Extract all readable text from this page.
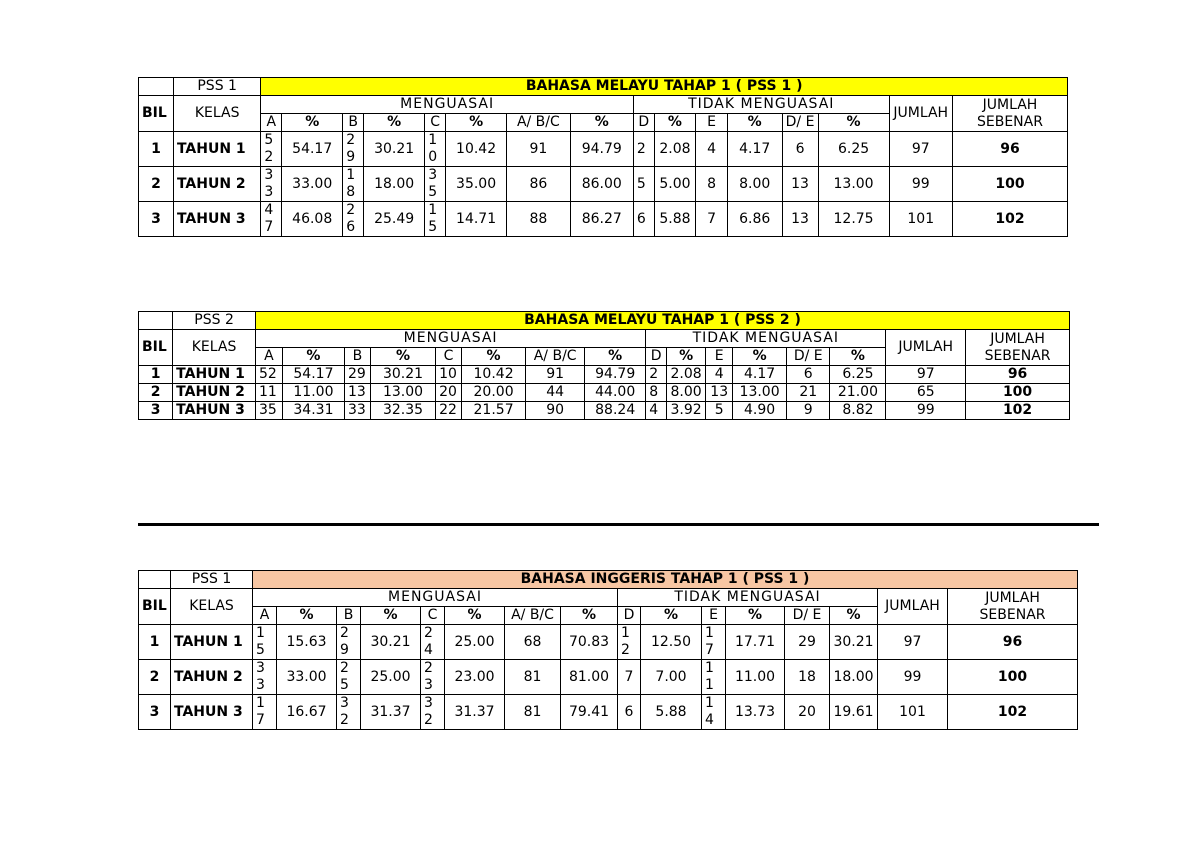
	PSS 1	BAHASA MELAYU TAHAP 1 ( PSS 1 )															
BIL	KELAS	MENGUASAI								TIDAK MENGUASAI						JUMLAH	JUMLAH SEBENAR
		A	%	B	%	C	%	A/ B/C	%	D	%	E	%	D/ E	%		
1	TAHUN 1	52	54.17	29	30.21	10	10.42	91	94.79	2	2.08	4	4.17	6	6.25	97	96
2	TAHUN 2	33	33.00	18	18.00	35	35.00	86	86.00	5	5.00	8	8.00	13	13.00	99	100
3	TAHUN 3	47	46.08	26	25.49	15	14.71	88	86.27	6	5.88	7	6.86	13	12.75	101	102
	PSS 2	BAHASA MELAYU TAHAP 1 ( PSS 2 )															
BIL	KELAS	MENGUASAI								TIDAK MENGUASAI						JUMLAH	JUMLAH SEBENAR
		A	%	B	%	C	%	A/ B/C	%	D	%	E	%	D/ E	%		
1	TAHUN 1	52	54.17	29	30.21	10	10.42	91	94.79	2	2.08	4	4.17	6	6.25	97	96
2	TAHUN 2	11	11.00	13	13.00	20	20.00	44	44.00	8	8.00	13	13.00	21	21.00	65	100
3	TAHUN 3	35	34.31	33	32.35	22	21.57	90	88.24	4	3.92	5	4.90	9	8.82	99	102
	PSS 1	BAHASA INGGERIS TAHAP 1 ( PSS 1 )															
BIL	KELAS	MENGUASAI								TIDAK MENGUASAI						JUMLAH	JUMLAH SEBENAR
		A	%	B	%	C	%	A/ B/C	%	D	%	E	%	D/ E	%		
1	TAHUN 1	15	15.63	29	30.21	24	25.00	68	70.83	12	12.50	17	17.71	29	30.21	97	96
2	TAHUN 2	33	33.00	25	25.00	23	23.00	81	81.00	7	7.00	11	11.00	18	18.00	99	100
3	TAHUN 3	17	16.67	32	31.37	32	31.37	81	79.41	6	5.88	14	13.73	20	19.61	101	102
